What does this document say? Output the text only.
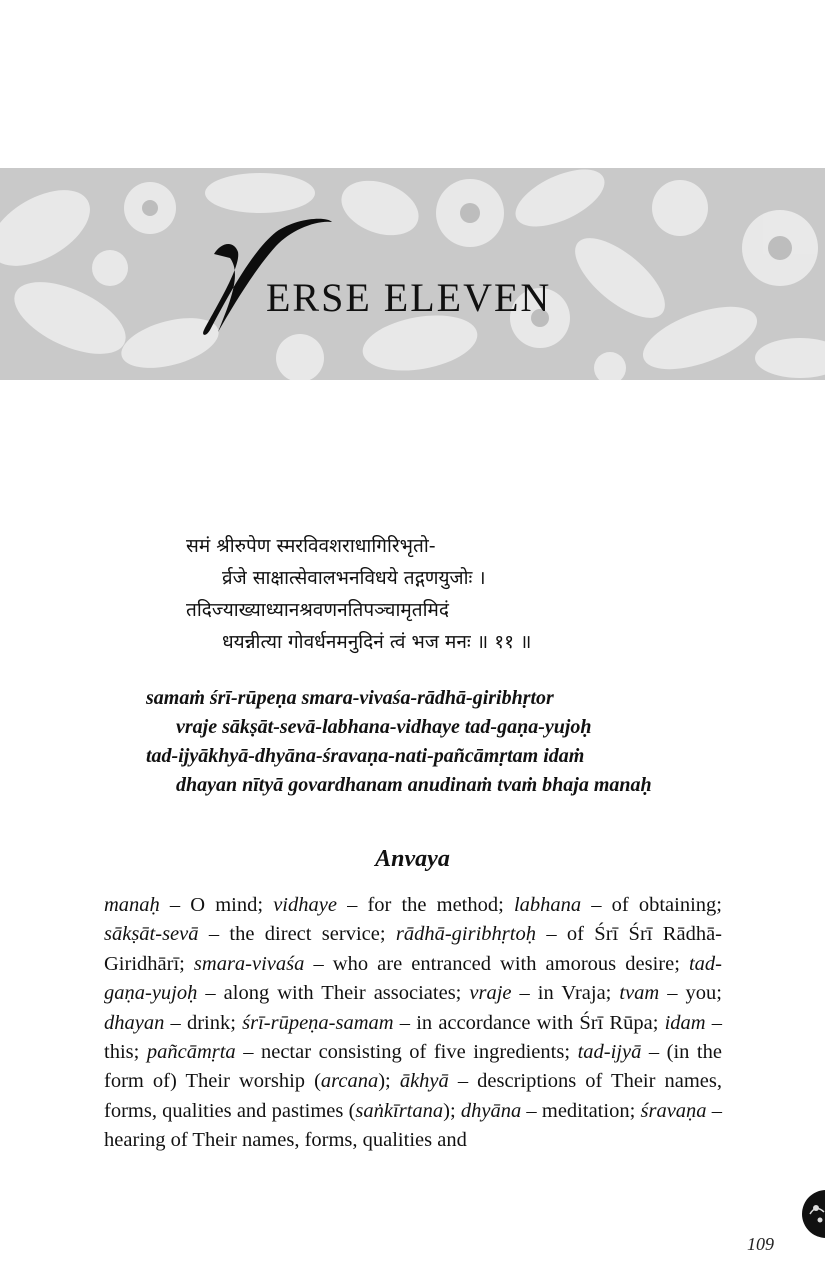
ERSE ELEVEN
समं श्रीरुपेण स्मरविवशराधागिरिभृतो-
र्व्रजे साक्षात्सेवालभनविधये तद्गणयुजोः ।
तदिज्याख्याध्यानश्रवणनतिपञ्चामृतमिदं
धयन्नीत्या गोवर्धनमनुदिनं त्वं भज मनः ॥ ११ ॥
samaṁ śrī-rūpeṇa smara-vivaśa-rādhā-giribhṛtor
vraje sākṣāt-sevā-labhana-vidhaye tad-gaṇa-yujoḥ
tad-ijyākhyā-dhyāna-śravaṇa-nati-pañcāmṛtam idaṁ
dhayan nītyā govardhanam anudinaṁ tvaṁ bhaja manaḥ
Anvaya
manaḥ – O mind; vidhaye – for the method; labhana – of obtaining; sākṣāt-sevā – the direct service; rādhā-giribhṛtoḥ – of Śrī Śrī Rādhā-Giridhārī; smara-vivaśa – who are entranced with amorous desire; tad-gaṇa-yujoḥ – along with Their associates; vraje – in Vraja; tvam – you; dhayan – drink; śrī-rūpeṇa-samam – in accordance with Śrī Rūpa; idam – this; pañcāmṛta – nectar consisting of five ingredients; tad-ijyā – (in the form of) Their worship (arcana); ākhyā – descriptions of Their names, forms, qualities and pastimes (saṅkīrtana); dhyāna – meditation; śravaṇa – hearing of Their names, forms, qualities and
109
